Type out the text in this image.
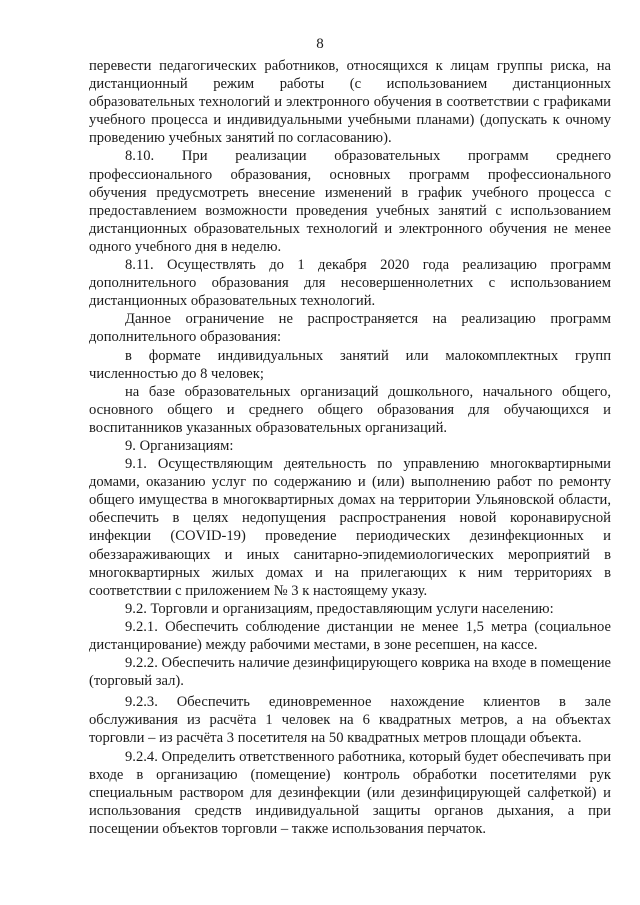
8

перевести педагогических работников, относящихся к лицам группы риска, на дистанционный режим работы (с использованием дистанционных образовательных технологий и электронного обучения в соответствии с графиками учебного процесса и индивидуальными учебными планами) (допускать к очному проведению учебных занятий по согласованию).

8.10. При реализации образовательных программ среднего профессионального образования, основных программ профессионального обучения предусмотреть внесение изменений в график учебного процесса с предоставлением возможности проведения учебных занятий с использованием дистанционных образовательных технологий и электронного обучения не менее одного учебного дня в неделю.

8.11. Осуществлять до 1 декабря 2020 года реализацию программ дополнительного образования для несовершеннолетних с использованием дистанционных образовательных технологий.

Данное ограничение не распространяется на реализацию программ дополнительного образования:

в формате индивидуальных занятий или малокомплектных групп численностью до 8 человек;

на базе образовательных организаций дошкольного, начального общего, основного общего и среднего общего образования для обучающихся и воспитанников указанных образовательных организаций.

9. Организациям:

9.1. Осуществляющим деятельность по управлению многоквартирными домами, оказанию услуг по содержанию и (или) выполнению работ по ремонту общего имущества в многоквартирных домах на территории Ульяновской области, обеспечить в целях недопущения распространения новой коронавирусной инфекции (COVID-19) проведение периодических дезинфекционных и обеззараживающих и иных санитарно-эпидемиологических мероприятий в многоквартирных жилых домах и на прилегающих к ним территориях в соответствии с приложением № 3 к настоящему указу.

9.2. Торговли и организациям, предоставляющим услуги населению:

9.2.1. Обеспечить соблюдение дистанции не менее 1,5 метра (социальное дистанцирование) между рабочими местами, в зоне ресепшен, на кассе.

9.2.2. Обеспечить наличие дезинфицирующего коврика на входе в помещение (торговый зал).

9.2.3. Обеспечить единовременное нахождение клиентов в зале обслуживания из расчёта 1 человек на 6 квадратных метров, а на объектах торговли – из расчёта 3 посетителя на 50 квадратных метров площади объекта.

9.2.4. Определить ответственного работника, который будет обеспечивать при входе в организацию (помещение) контроль обработки посетителями рук специальным раствором для дезинфекции (или дезинфицирующей салфеткой) и использования средств индивидуальной защиты органов дыхания, а при посещении объектов торговли – также использования перчаток.
